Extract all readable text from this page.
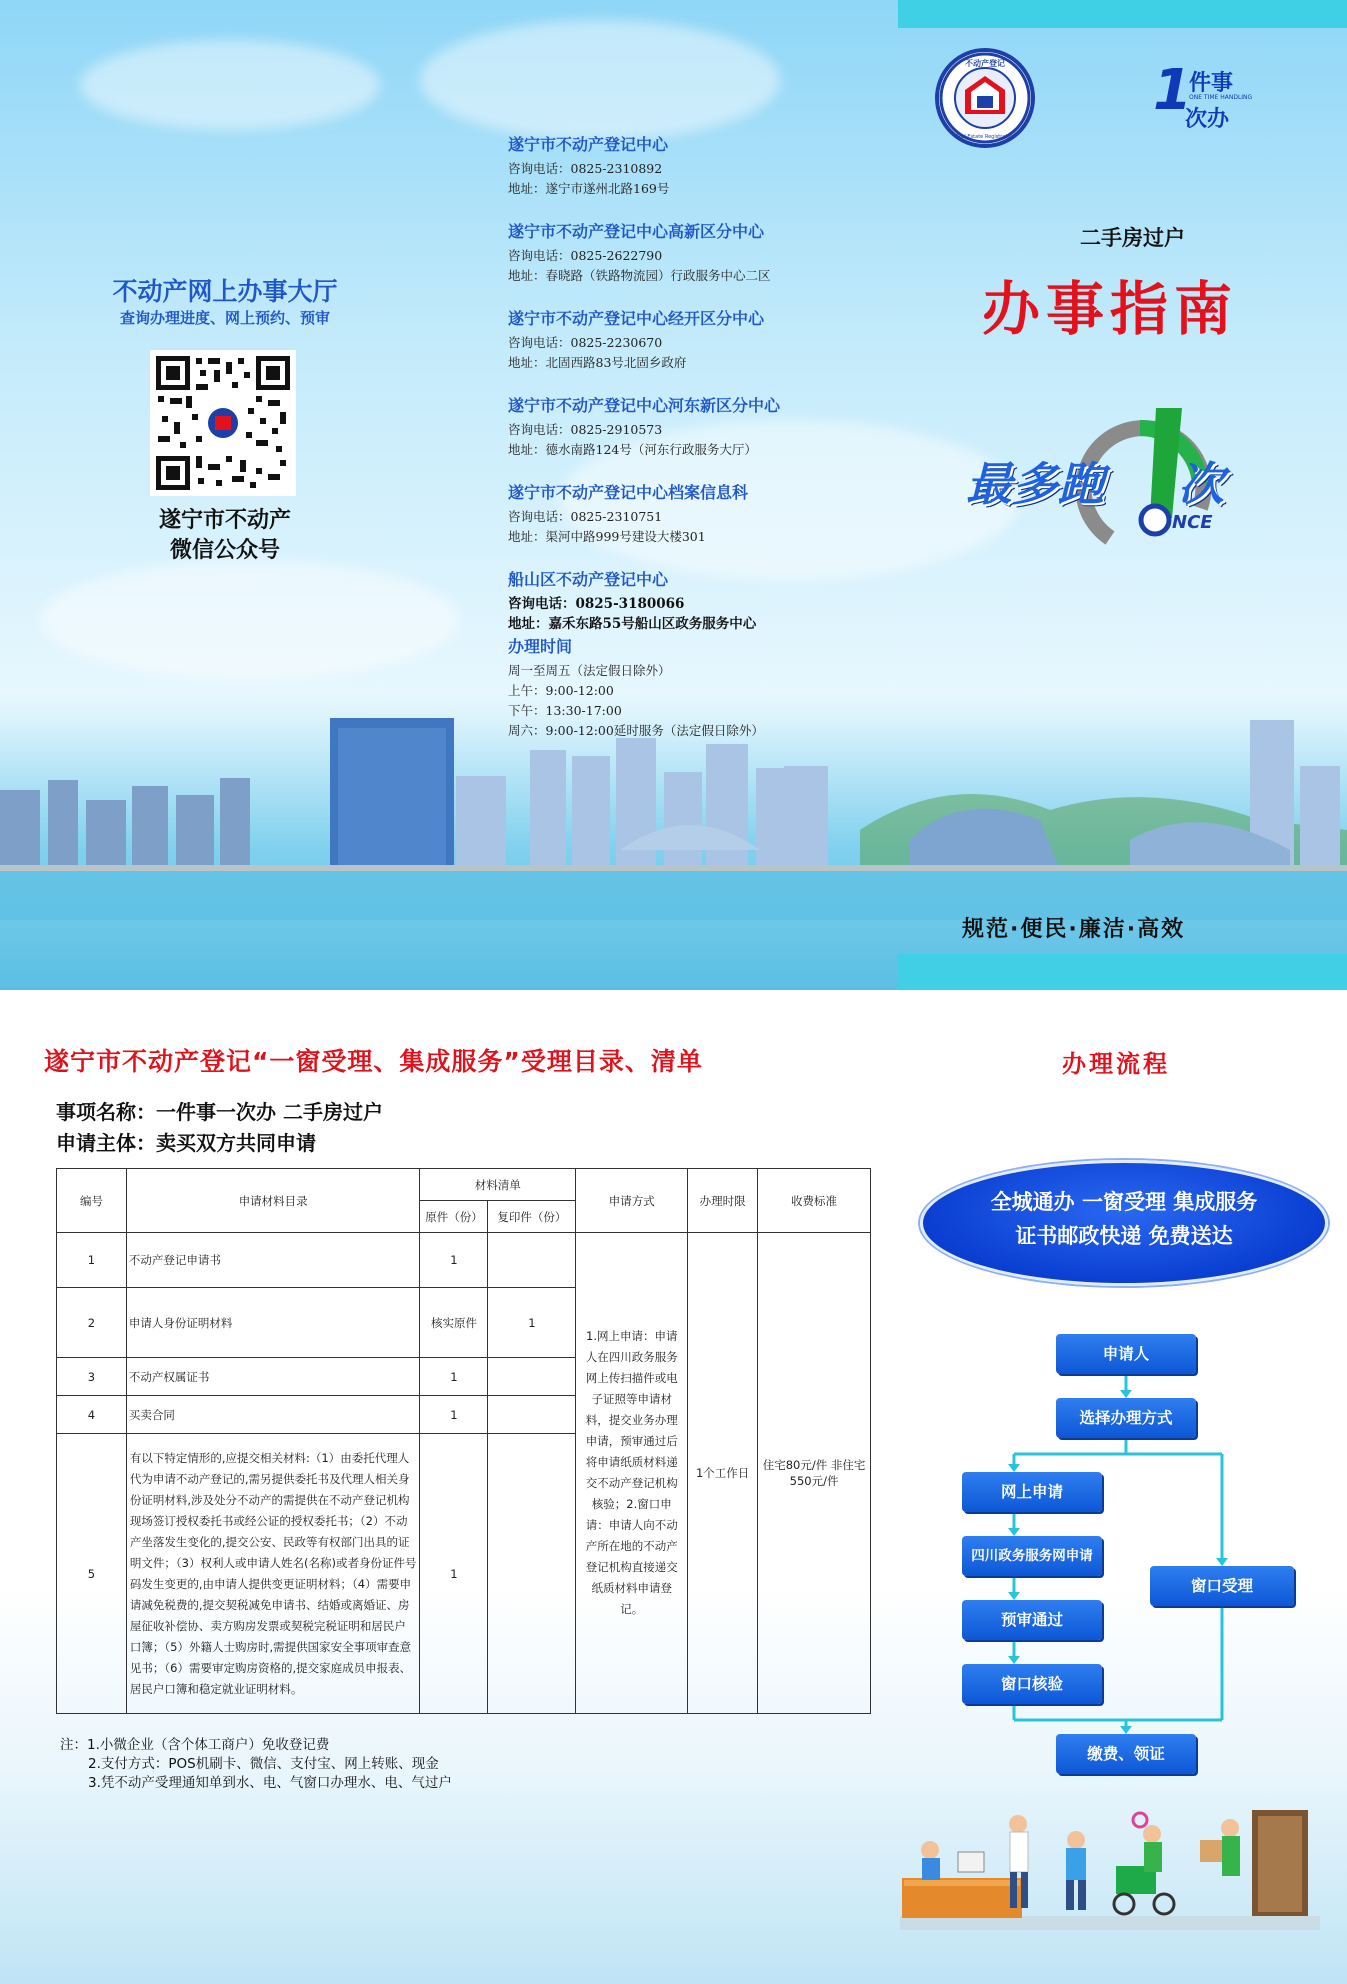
不动产网上办事大厅
查询办理进度、网上预约、预审
遂宁市不动产
微信公众号
遂宁市不动产登记中心
咨询电话：0825-2310892
地址：遂宁市遂州北路169号
遂宁市不动产登记中心高新区分中心
咨询电话：0825-2622790
地址：春晓路（铁路物流园）行政服务中心二区
遂宁市不动产登记中心经开区分中心
咨询电话：0825-2230670
地址：北固西路83号北固乡政府
遂宁市不动产登记中心河东新区分中心
咨询电话：0825-2910573
地址：德水南路124号（河东行政服务大厅）
遂宁市不动产登记中心档案信息科
咨询电话：0825-2310751
地址：渠河中路999号建设大楼301
船山区不动产登记中心
咨询电话：0825-3180066
地址：嘉禾东路55号船山区政务服务中心
办理时间
周一至周五（法定假日除外）
上午：9:00-12:00
下午：13:30-17:00
周六：9:00-12:00延时服务（法定假日除外）
不动产登记
Real Estate Registration
1
件事
ONE TIME HANDLING
次办
二手房过户
办事指南
最多跑 次
NCE
规范·便民·廉洁·高效
遂宁市不动产登记“一窗受理、集成服务”受理目录、清单	办理流程
事项名称：一件事一次办 二手房过户
申请主体：卖买双方共同申请
编号	申请材料目录	材料清单		申请方式	办理时限	收费标准
		原件（份）	复印件（份）			
1	不动产登记申请书	1		1.网上申请：申请人在四川政务服务网上传扫描件或电子证照等申请材料，提交业务办理申请，预审通过后将申请纸质材料递交不动产登记机构核验；2.窗口申请：申请人向不动产所在地的不动产登记机构直接递交纸质材料申请登记。	1个工作日	住宅80元/件 非住宅550元/件
2	申请人身份证明材料	核实原件	1			
3	不动产权属证书	1				
4	买卖合同	1				
5	有以下特定情形的,应提交相关材料:（1）由委托代理人代为申请不动产登记的,需另提供委托书及代理人相关身份证明材料,涉及处分不动产的需提供在不动产登记机构现场签订授权委托书或经公证的授权委托书；（2）不动产坐落发生变化的,提交公安、民政等有权部门出具的证明文件；（3）权利人或申请人姓名(名称)或者身份证件号码发生变更的,由申请人提供变更证明材料；（4）需要申请减免税费的,提交契税减免申请书、结婚或离婚证、房屋征收补偿协、卖方购房发票或契税完税证明和居民户口簿；（5）外籍人士购房时,需提供国家安全事项审查意见书；（6）需要审定购房资格的,提交家庭成员申报表、居民户口簿和稳定就业证明材料。	1				
注：1.小微企业（含个体工商户）免收登记费
2.支付方式：POS机刷卡、微信、支付宝、网上转账、现金
3.凭不动产受理通知单到水、电、气窗口办理水、电、气过户
全城通办 一窗受理 集成服务
证书邮政快递 免费送达
申请人
选择办理方式
网上申请
四川政务服务网申请
预审通过
窗口核验
窗口受理
缴费、领证
